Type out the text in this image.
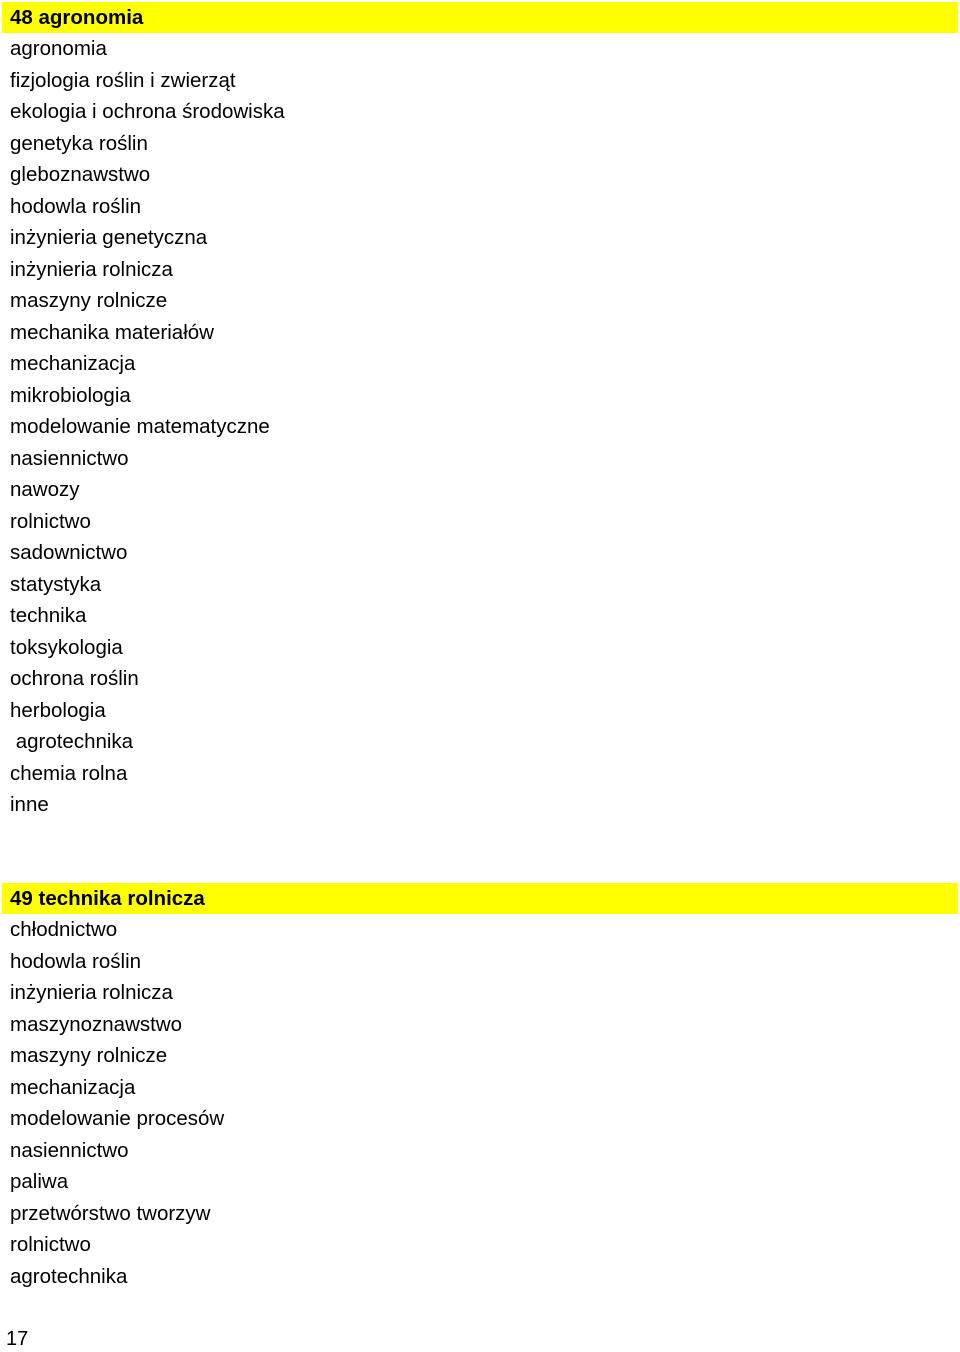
48 agronomia
agronomia
fizjologia roślin i zwierząt
ekologia i ochrona środowiska
genetyka roślin
gleboznawstwo
hodowla roślin
inżynieria genetyczna
inżynieria rolnicza
maszyny rolnicze
mechanika materiałów
mechanizacja
mikrobiologia
modelowanie matematyczne
nasiennictwo
nawozy
rolnictwo
sadownictwo
statystyka
technika
toksykologia
ochrona roślin
herbologia
agrotechnika
chemia rolna
inne
49 technika rolnicza
chłodnictwo
hodowla roślin
inżynieria rolnicza
maszynoznawstwo
maszyny rolnicze
mechanizacja
modelowanie procesów
nasiennictwo
paliwa
przetwórstwo tworzyw
rolnictwo
agrotechnika
17
